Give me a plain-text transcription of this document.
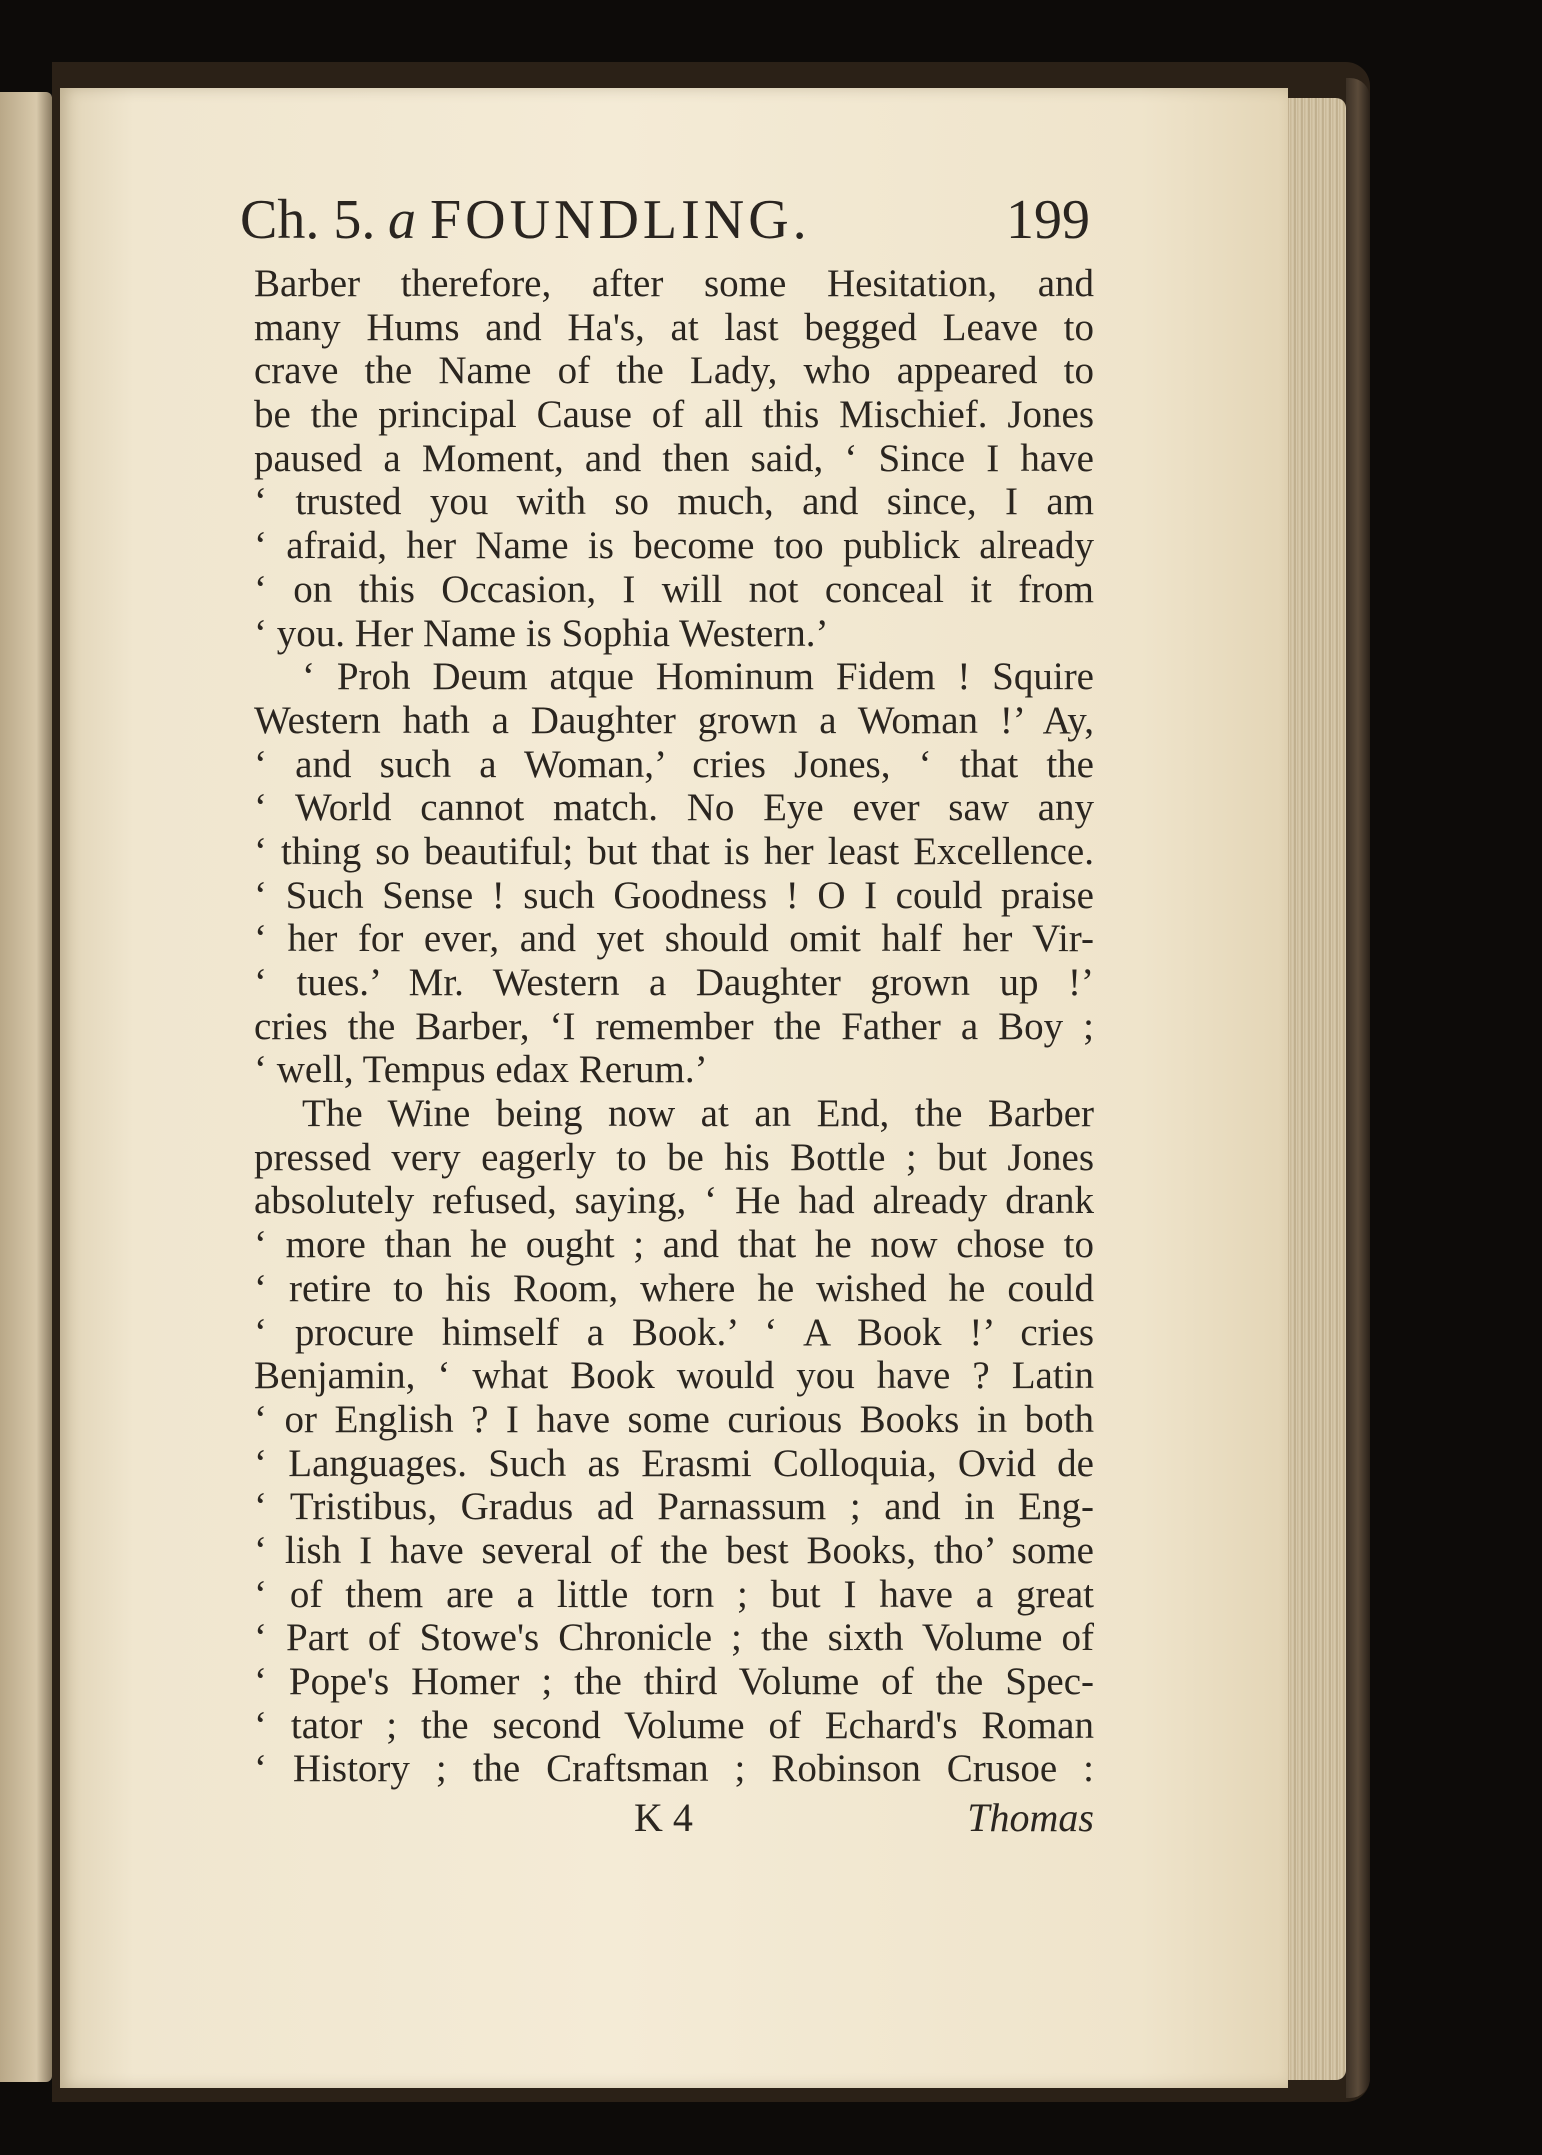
Ch. 5. a FOUNDLING.	199
Barber therefore, after some Hesitation, and
many Hums and Ha's, at last begged Leave to
crave the Name of the Lady, who appeared to
be the principal Cause of all this Mischief. Jones
paused a Moment, and then said, ‘ Since I have
‘ trusted you with so much, and since, I am
‘ afraid, her Name is become too publick already
‘ on this Occasion, I will not conceal it from
‘ you. Her Name is Sophia Western.’
‘ Proh Deum atque Hominum Fidem ! Squire
Western hath a Daughter grown a Woman !’ Ay,
‘ and such a Woman,’ cries Jones, ‘ that the
‘ World cannot match. No Eye ever saw any
‘ thing so beautiful; but that is her least Excellence.
‘ Such Sense ! such Goodness ! O I could praise
‘ her for ever, and yet should omit half her Vir-
‘ tues.’ Mr. Western a Daughter grown up !’
cries the Barber, ‘I remember the Father a Boy ;
‘ well, Tempus edax Rerum.’
The Wine being now at an End, the Barber
pressed very eagerly to be his Bottle ; but Jones
absolutely refused, saying, ‘ He had already drank
‘ more than he ought ; and that he now chose to
‘ retire to his Room, where he wished he could
‘ procure himself a Book.’ ‘ A Book !’ cries
Benjamin, ‘ what Book would you have ? Latin
‘ or English ? I have some curious Books in both
‘ Languages. Such as Erasmi Colloquia, Ovid de
‘ Tristibus, Gradus ad Parnassum ; and in Eng-
‘ lish I have several of the best Books, tho’ some
‘ of them are a little torn ; but I have a great
‘ Part of Stowe's Chronicle ; the sixth Volume of
‘ Pope's Homer ; the third Volume of the Spec-
‘ tator ; the second Volume of Echard's Roman
‘ History ; the Craftsman ; Robinson Crusoe :
K 4	Thomas
